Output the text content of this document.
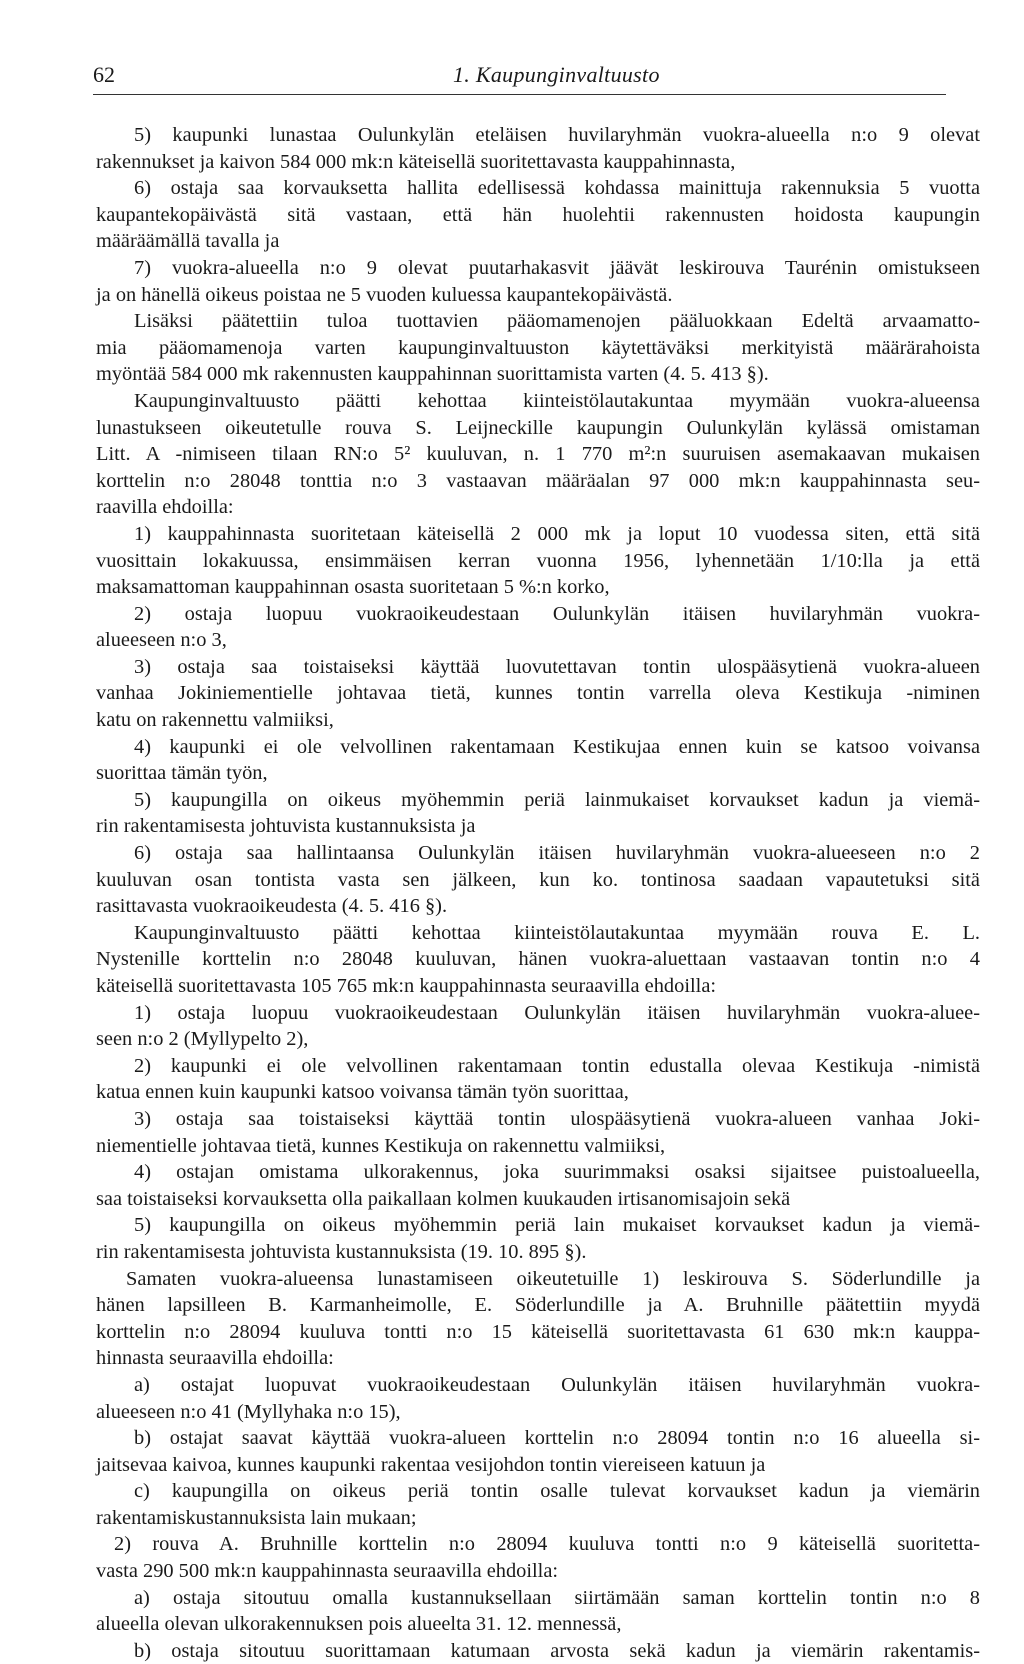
62	1. Kaupunginvaltuusto
5) kaupunki lunastaa Oulunkylän eteläisen huvilaryhmän vuokra-alueella n:o 9 olevat
rakennukset ja kaivon 584 000 mk:n käteisellä suoritettavasta kauppahinnasta,
6) ostaja saa korvauksetta hallita edellisessä kohdassa mainittuja rakennuksia 5 vuotta
kaupantekopäivästä sitä vastaan, että hän huolehtii rakennusten hoidosta kaupungin
määräämällä tavalla ja
7) vuokra-alueella n:o 9 olevat puutarhakasvit jäävät leskirouva Taurénin omistukseen
ja on hänellä oikeus poistaa ne 5 vuoden kuluessa kaupantekopäivästä.
Lisäksi päätettiin tuloa tuottavien pääomamenojen pääluokkaan Edeltä arvaamatto-
mia pääomamenoja varten kaupunginvaltuuston käytettäväksi merkityistä määrärahoista
myöntää 584 000 mk rakennusten kauppahinnan suorittamista varten (4. 5. 413 §).
Kaupunginvaltuusto päätti kehottaa kiinteistölautakuntaa myymään vuokra-alueensa
lunastukseen oikeutetulle rouva S. Leijneckille kaupungin Oulunkylän kylässä omistaman
Litt. A -nimiseen tilaan RN:o 5² kuuluvan, n. 1 770 m²:n suuruisen asemakaavan mukaisen
korttelin n:o 28048 tonttia n:o 3 vastaavan määräalan 97 000 mk:n kauppahinnasta seu-
raavilla ehdoilla:
1) kauppahinnasta suoritetaan käteisellä 2 000 mk ja loput 10 vuodessa siten, että sitä
vuosittain lokakuussa, ensimmäisen kerran vuonna 1956, lyhennetään 1/10:lla ja että
maksamattoman kauppahinnan osasta suoritetaan 5 %:n korko,
2) ostaja luopuu vuokraoikeudestaan Oulunkylän itäisen huvilaryhmän vuokra-
alueeseen n:o 3,
3) ostaja saa toistaiseksi käyttää luovutettavan tontin ulospääsytienä vuokra-alueen
vanhaa Jokiniementielle johtavaa tietä, kunnes tontin varrella oleva Kestikuja -niminen
katu on rakennettu valmiiksi,
4) kaupunki ei ole velvollinen rakentamaan Kestikujaa ennen kuin se katsoo voivansa
suorittaa tämän työn,
5) kaupungilla on oikeus myöhemmin periä lainmukaiset korvaukset kadun ja viemä-
rin rakentamisesta johtuvista kustannuksista ja
6) ostaja saa hallintaansa Oulunkylän itäisen huvilaryhmän vuokra-alueeseen n:o 2
kuuluvan osan tontista vasta sen jälkeen, kun ko. tontinosa saadaan vapautetuksi sitä
rasittavasta vuokraoikeudesta (4. 5. 416 §).
Kaupunginvaltuusto päätti kehottaa kiinteistölautakuntaa myymään rouva E. L.
Nystenille korttelin n:o 28048 kuuluvan, hänen vuokra-aluettaan vastaavan tontin n:o 4
käteisellä suoritettavasta 105 765 mk:n kauppahinnasta seuraavilla ehdoilla:
1) ostaja luopuu vuokraoikeudestaan Oulunkylän itäisen huvilaryhmän vuokra-aluee-
seen n:o 2 (Myllypelto 2),
2) kaupunki ei ole velvollinen rakentamaan tontin edustalla olevaa Kestikuja -nimistä
katua ennen kuin kaupunki katsoo voivansa tämän työn suorittaa,
3) ostaja saa toistaiseksi käyttää tontin ulospääsytienä vuokra-alueen vanhaa Joki-
niementielle johtavaa tietä, kunnes Kestikuja on rakennettu valmiiksi,
4) ostajan omistama ulkorakennus, joka suurimmaksi osaksi sijaitsee puistoalueella,
saa toistaiseksi korvauksetta olla paikallaan kolmen kuukauden irtisanomisajoin sekä
5) kaupungilla on oikeus myöhemmin periä lain mukaiset korvaukset kadun ja viemä-
rin rakentamisesta johtuvista kustannuksista (19. 10. 895 §).
Samaten vuokra-alueensa lunastamiseen oikeutetuille 1) leskirouva S. Söderlundille ja
hänen lapsilleen B. Karmanheimolle, E. Söderlundille ja A. Bruhnille päätettiin myydä
korttelin n:o 28094 kuuluva tontti n:o 15 käteisellä suoritettavasta 61 630 mk:n kauppa-
hinnasta seuraavilla ehdoilla:
a) ostajat luopuvat vuokraoikeudestaan Oulunkylän itäisen huvilaryhmän vuokra-
alueeseen n:o 41 (Myllyhaka n:o 15),
b) ostajat saavat käyttää vuokra-alueen korttelin n:o 28094 tontin n:o 16 alueella si-
jaitsevaa kaivoa, kunnes kaupunki rakentaa vesijohdon tontin viereiseen katuun ja
c) kaupungilla on oikeus periä tontin osalle tulevat korvaukset kadun ja viemärin
rakentamiskustannuksista lain mukaan;
2) rouva A. Bruhnille korttelin n:o 28094 kuuluva tontti n:o 9 käteisellä suoritetta-
vasta 290 500 mk:n kauppahinnasta seuraavilla ehdoilla:
a) ostaja sitoutuu omalla kustannuksellaan siirtämään saman korttelin tontin n:o 8
alueella olevan ulkorakennuksen pois alueelta 31. 12. mennessä,
b) ostaja sitoutuu suorittamaan katumaan arvosta sekä kadun ja viemärin rakentamis-
